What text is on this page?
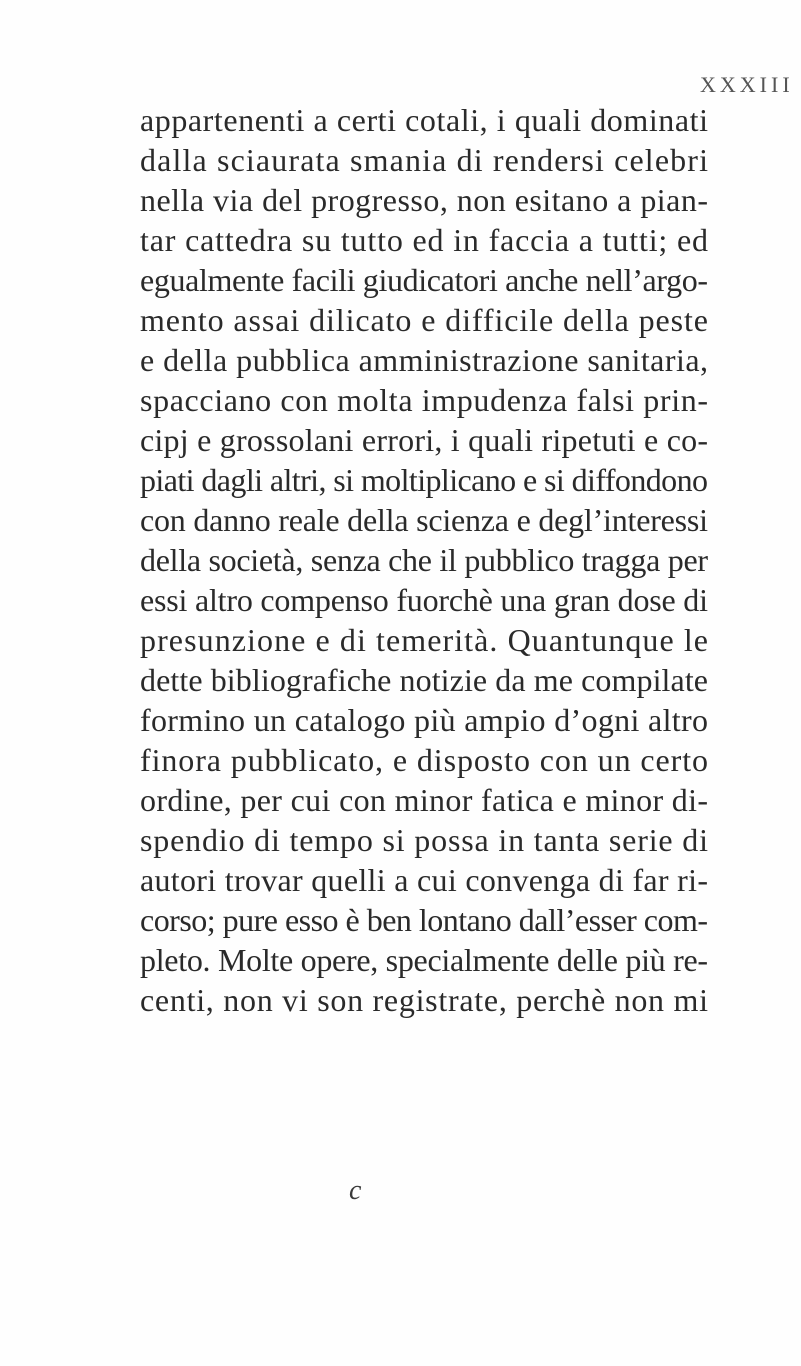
XXXIII
appartenenti a certi cotali, i quali dominati
dalla sciaurata smania di rendersi celebri
nella via del progresso, non esitano a pian-
tar cattedra su tutto ed in faccia a tutti; ed
egualmente facili giudicatori anche nell’argo-
mento assai dilicato e difficile della peste
e della pubblica amministrazione sanitaria,
spacciano con molta impudenza falsi prin-
cipj e grossolani errori, i quali ripetuti e co-
piati dagli altri, si moltiplicano e si diffondono
con danno reale della scienza e degl’interessi
della società, senza che il pubblico tragga per
essi altro compenso fuorchè una gran dose di
presunzione e di temerità. Quantunque le
dette bibliografiche notizie da me compilate
formino un catalogo più ampio d’ogni altro
finora pubblicato, e disposto con un certo
ordine, per cui con minor fatica e minor di-
spendio di tempo si possa in tanta serie di
autori trovar quelli a cui convenga di far ri-
corso; pure esso è ben lontano dall’esser com-
pleto. Molte opere, specialmente delle più re-
centi, non vi son registrate, perchè non mi
c
